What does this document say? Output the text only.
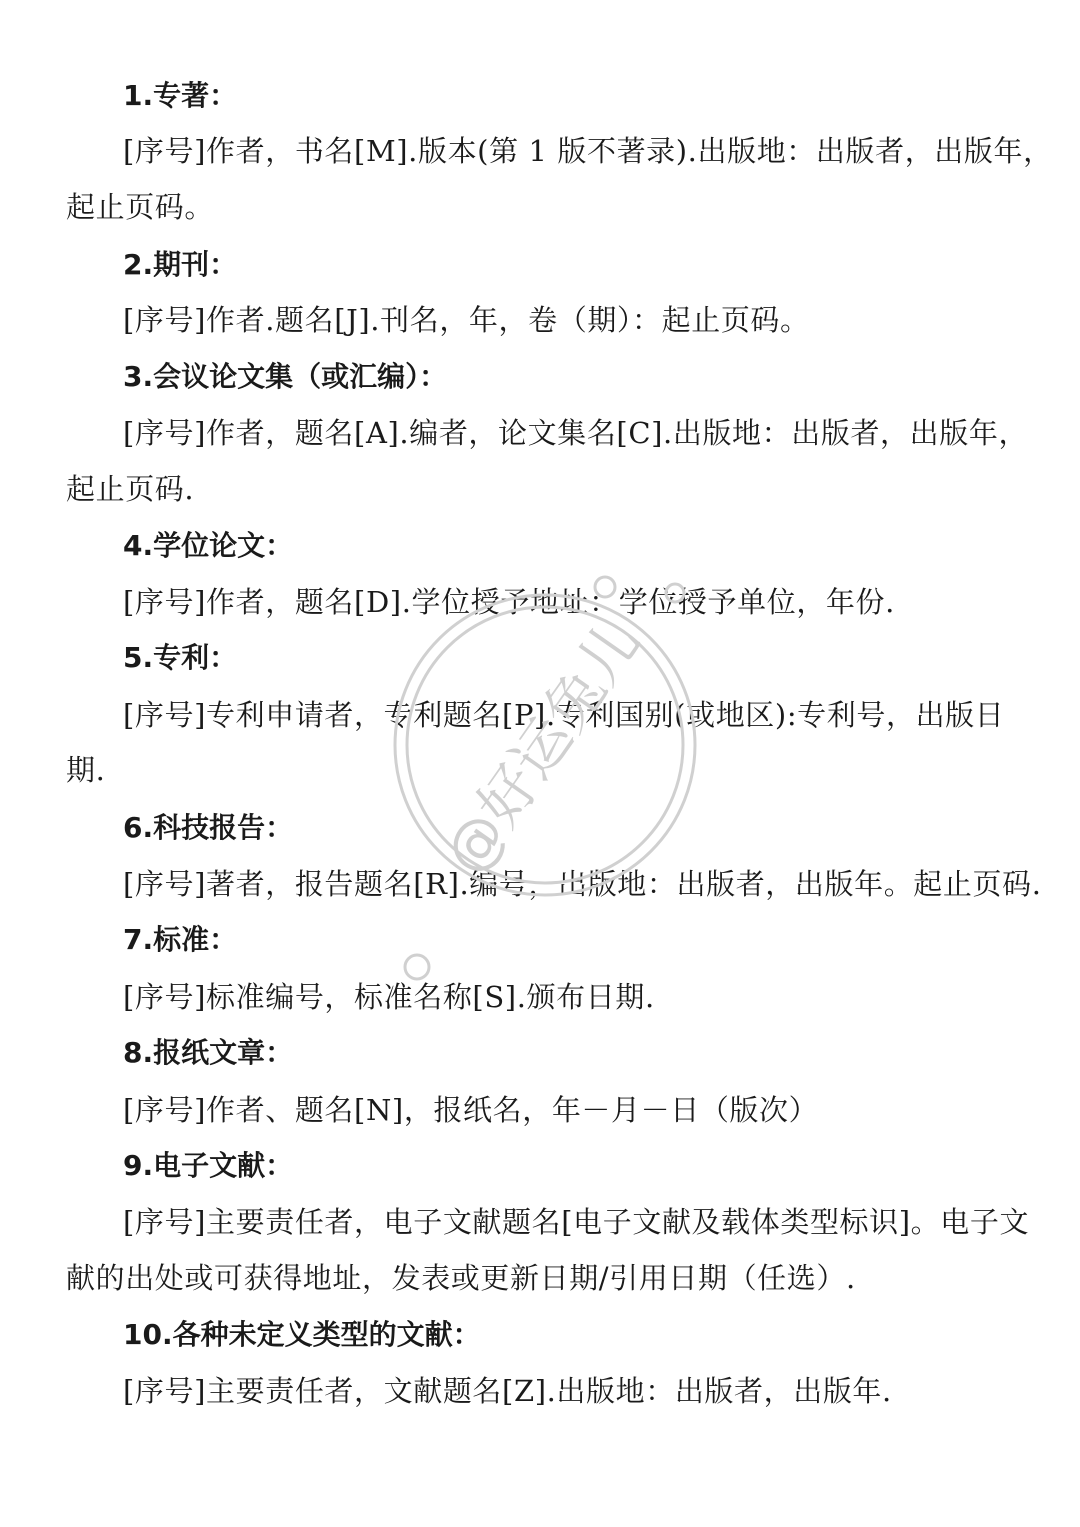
1.专著：
[序号]作者，书名[M].版本(第 1 版不著录).出版地：出版者，出版年，
起止页码。
2.期刊：
[序号]作者.题名[J].刊名，年，卷（期）：起止页码。
3.会议论文集（或汇编）：
[序号]作者，题名[A].编者，论文集名[C].出版地：出版者，出版年，
起止页码.
4.学位论文：
[序号]作者，题名[D].学位授予地址：学位授予单位，年份.
5.专利：
[序号]专利申请者，专利题名[P].专利国别(或地区):专利号，出版日
期.
6.科技报告：
[序号]著者，报告题名[R].编号，出版地：出版者，出版年。起止页码.
7.标准：
[序号]标准编号，标准名称[S].颁布日期.
8.报纸文章：
[序号]作者、题名[N]，报纸名，年－月－日（版次）
9.电子文献：
[序号]主要责任者，电子文献题名[电子文献及载体类型标识]。电子文
献的出处或可获得地址，发表或更新日期/引用日期（任选）.
10.各种未定义类型的文献：
[序号]主要责任者，文献题名[Z].出版地：出版者，出版年.
@好运兔儿
